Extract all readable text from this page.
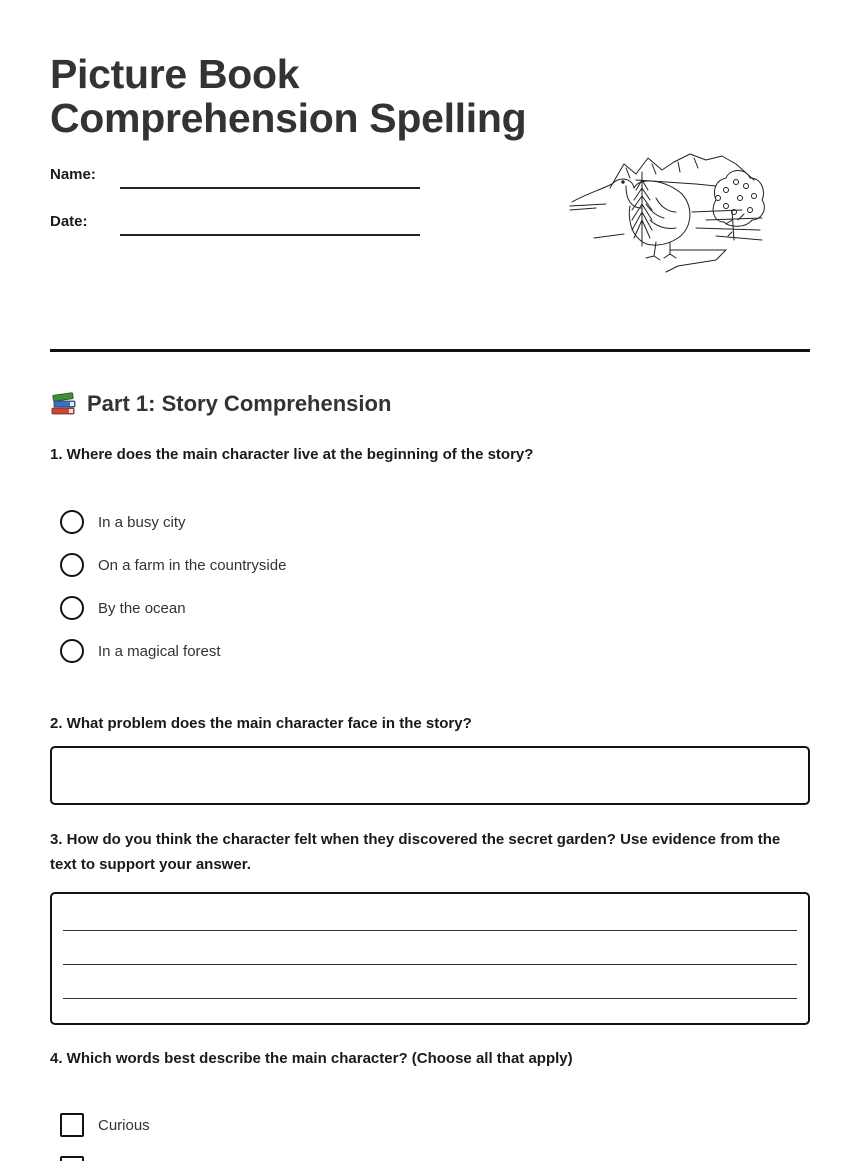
Picture Book
Comprehension Spelling
Name:
Date:
Part 1: Story Comprehension

1. Where does the main character live at the beginning of the story?

In a busy city
On a farm in the countryside
By the ocean
In a magical forest

2. What problem does the main character face in the story?

3. How do you think the character felt when they discovered the secret garden? Use evidence from the text to support your answer.

4. Which words best describe the main character? (Choose all that apply)

Curious
